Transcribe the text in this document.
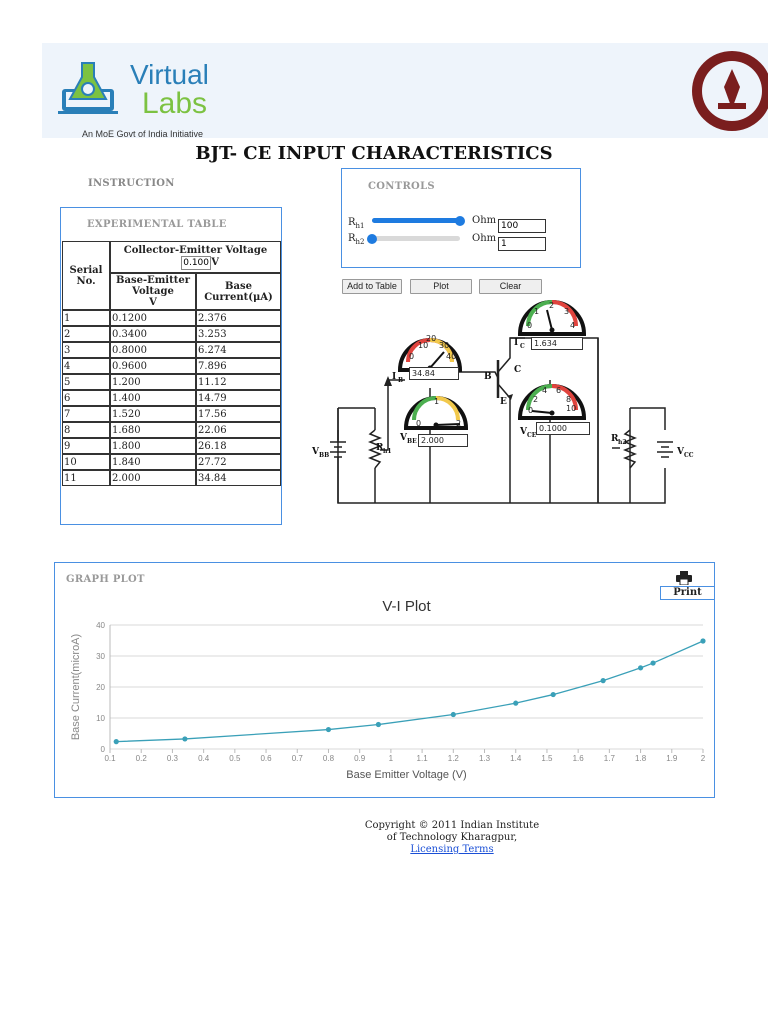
Virtual
Labs
An MoE Govt of India Initiative
BJT- CE INPUT CHARACTERISTICS
INSTRUCTION
EXPERIMENTAL TABLE
Serial No.	Collector-Emitter Voltage
0.1000V

	Base-Emitter Voltage
V	Base Current(μA)
1	0.1200	2.376
2	0.3400	3.253
3	0.8000	6.274
4	0.9600	7.896
5	1.200	11.12
6	1.400	14.79
7	1.520	17.56
8	1.680	22.06
9	1.800	26.18
10	1.840	27.72
11	2.000	34.84
CONTROLS
$R_{h1}$	Ohm
100
$R_{h2}$	Ohm
1
Add to Table	Plot	Clear
0
10
20
30
40
0
1
2
0
1
2
3
4
0
2
4 6
8
10
I B
I C
V BE
V CE
V BB	V CC
R h1
R h2
B
C
E
34.84
1.634
2.000
0.1000
GRAPH PLOT
Print
V-I Plot
0
10
20
30
40
0.1	0.2	0.3	0.4	0.5	0.6	0.7	0.8	0.9	1	1.1	1.2	1.3	1.4	1.5	1.6	1.7	1.8	1.9	2
Base Emitter Voltage (V)
Base Current(microA)
Copyright © 2011 Indian Institute
of Technology Kharagpur,
Licensing Terms
